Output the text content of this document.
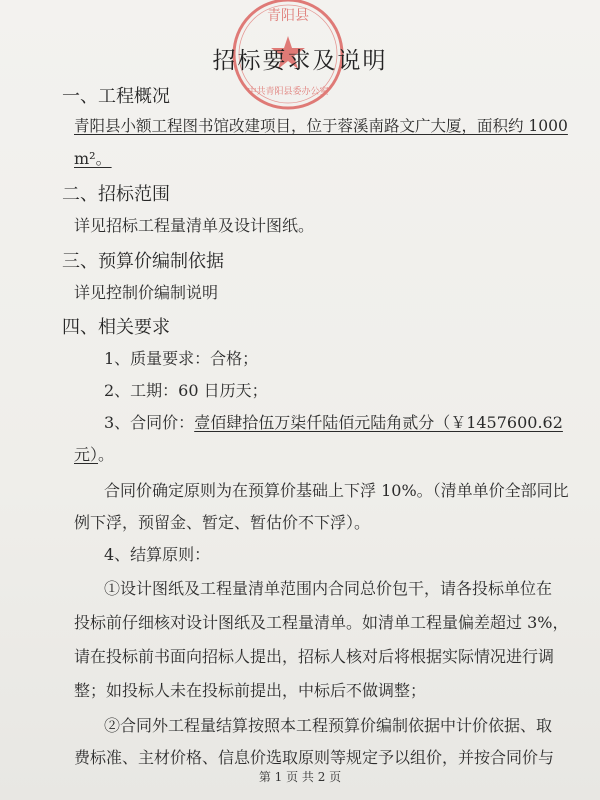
青阳县
中共青阳县委办公室
招标要求及说明
一、工程概况
青阳县小额工程图书馆改建项目，位于蓉溪南路文广大厦，面积约 1000
m²。
二、招标范围
详见招标工程量清单及设计图纸。
三、预算价编制依据
详见控制价编制说明
四、相关要求
1、质量要求：合格；
2、工期：60 日历天；
3、合同价：壹佰肆拾伍万柒仟陆佰元陆角贰分（￥1457600.62
元）。
合同价确定原则为在预算价基础上下浮 10%。（清单单价全部同比
例下浮，预留金、暂定、暂估价不下浮）。
4、结算原则：
①设计图纸及工程量清单范围内合同总价包干，请各投标单位在
投标前仔细核对设计图纸及工程量清单。如清单工程量偏差超过 3%，
请在投标前书面向招标人提出，招标人核对后将根据实际情况进行调
整；如投标人未在投标前提出，中标后不做调整；
②合同外工程量结算按照本工程预算价编制依据中计价依据、取
费标准、主材价格、信息价选取原则等规定予以组价，并按合同价与
第 1 页 共 2 页
